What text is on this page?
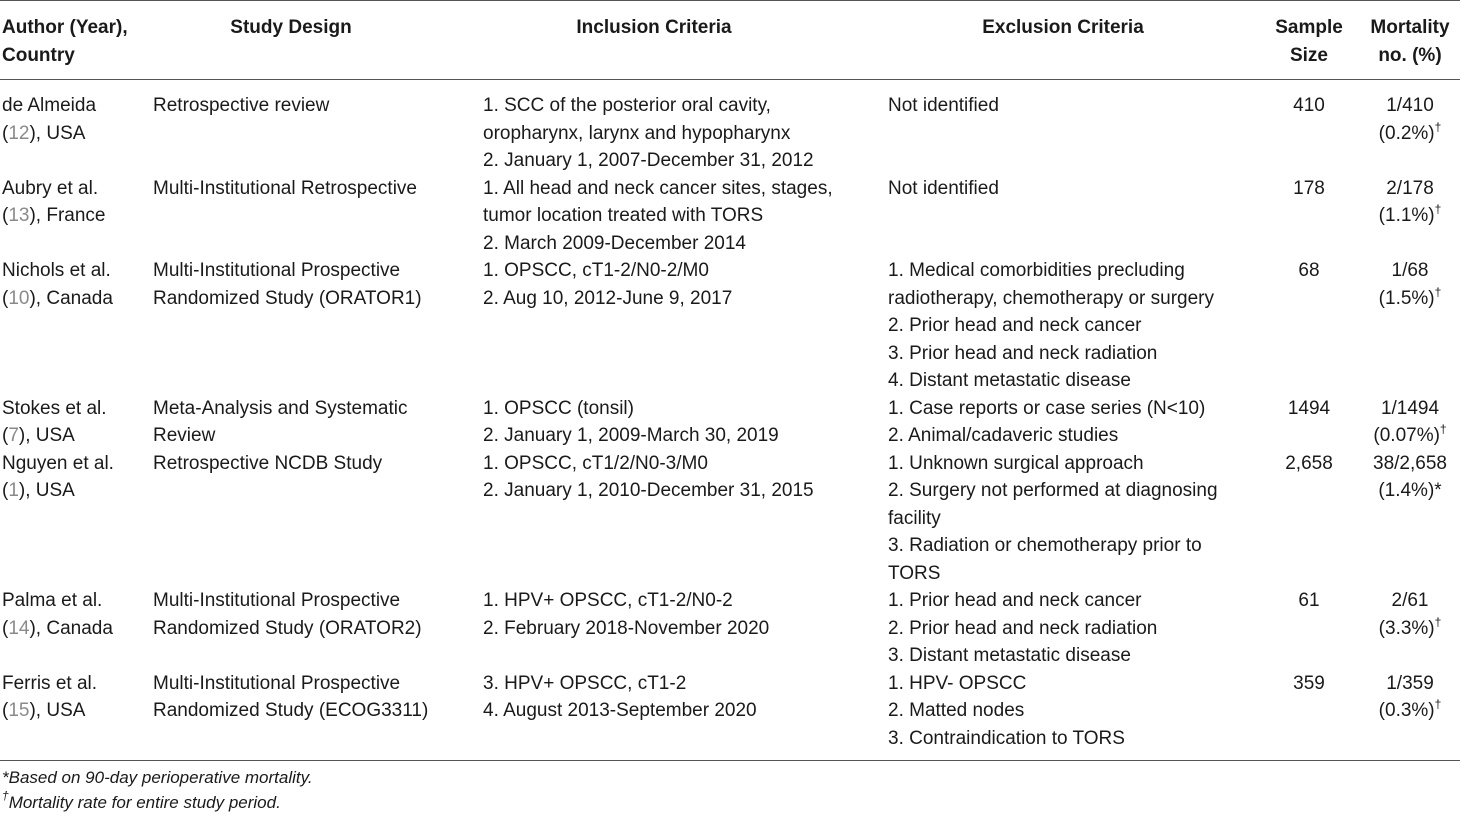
Author (Year),
Country	Study Design	Inclusion Criteria	Exclusion Criteria	Sample
Size	Mortality
no. (%)

de Almeida
(12), USA	Retrospective review	1. SCC of the posterior oral cavity,
oropharynx, larynx and hypopharynx
2. January 1, 2007-December 31, 2012	Not identified	410	1/410
(0.2%)†

Aubry et al.
(13), France	Multi-Institutional Retrospective	1. All head and neck cancer sites, stages,
tumor location treated with TORS
2. March 2009-December 2014	Not identified	178	2/178
(1.1%)†

Nichols et al.
(10), Canada	Multi-Institutional Prospective
Randomized Study (ORATOR1)	1. OPSCC, cT1-2/N0-2/M0
2. Aug 10, 2012-June 9, 2017	1. Medical comorbidities precluding
radiotherapy, chemotherapy or surgery
2. Prior head and neck cancer
3. Prior head and neck radiation
4. Distant metastatic disease	68	1/68
(1.5%)†

Stokes et al.
(7), USA	Meta-Analysis and Systematic
Review	1. OPSCC (tonsil)
2. January 1, 2009-March 30, 2019	1. Case reports or case series (N<10)
2. Animal/cadaveric studies	1494	1/1494
(0.07%)†

Nguyen et al.
(1), USA	Retrospective NCDB Study	1. OPSCC, cT1/2/N0-3/M0
2. January 1, 2010-December 31, 2015	1. Unknown surgical approach
2. Surgery not performed at diagnosing
facility
3. Radiation or chemotherapy prior to
TORS	2,658	38/2,658
(1.4%)*

Palma et al.
(14), Canada	Multi-Institutional Prospective
Randomized Study (ORATOR2)	1. HPV+ OPSCC, cT1-2/N0-2
2. February 2018-November 2020	1. Prior head and neck cancer
2. Prior head and neck radiation
3. Distant metastatic disease	61	2/61
(3.3%)†

Ferris et al.
(15), USA	Multi-Institutional Prospective
Randomized Study (ECOG3311)	3. HPV+ OPSCC, cT1-2
4. August 2013-September 2020	1. HPV- OPSCC
2. Matted nodes
3. Contraindication to TORS	359	1/359
(0.3%)†
*Based on 90-day perioperative mortality.
†Mortality rate for entire study period.
